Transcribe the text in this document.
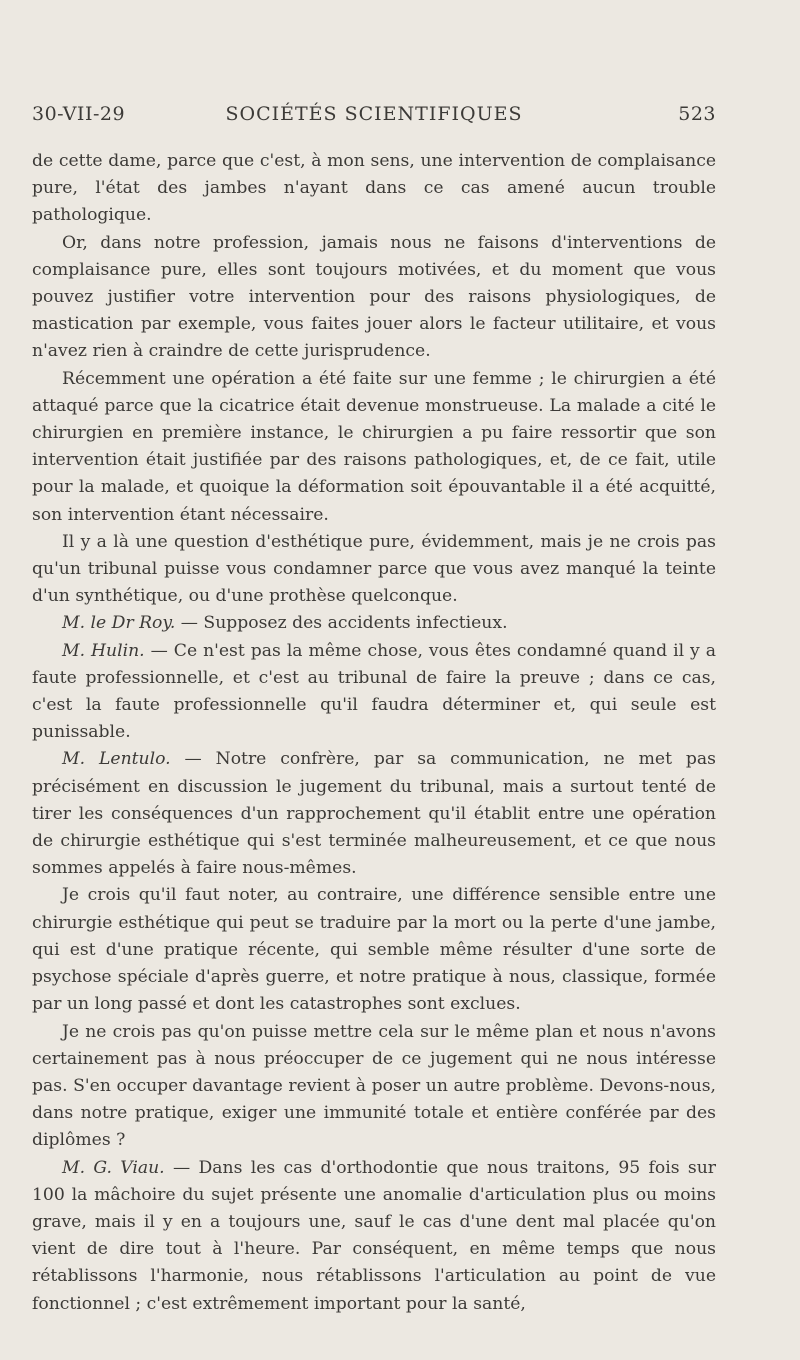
30-VII-29	SOCIÉTÉS SCIENTIFIQUES	523

de cette dame, parce que c'est, à mon sens, une intervention de complaisance pure, l'état des jambes n'ayant dans ce cas amené aucun trouble pathologique.

Or, dans notre profession, jamais nous ne faisons d'interventions de complaisance pure, elles sont toujours motivées, et du moment que vous pouvez justifier votre intervention pour des raisons physiologiques, de mastication par exemple, vous faites jouer alors le facteur utilitaire, et vous n'avez rien à craindre de cette jurisprudence.

Récemment une opération a été faite sur une femme ; le chirurgien a été attaqué parce que la cicatrice était devenue monstrueuse. La malade a cité le chirurgien en première instance, le chirurgien a pu faire ressortir que son intervention était justifiée par des raisons pathologiques, et, de ce fait, utile pour la malade, et quoique la déformation soit épouvantable il a été acquitté, son intervention étant nécessaire.

Il y a là une question d'esthétique pure, évidemment, mais je ne crois pas qu'un tribunal puisse vous condamner parce que vous avez manqué la teinte d'un synthétique, ou d'une prothèse quelconque.

M. le Dr Roy. — Supposez des accidents infectieux.

M. Hulin. — Ce n'est pas la même chose, vous êtes condamné quand il y a faute professionnelle, et c'est au tribunal de faire la preuve ; dans ce cas, c'est la faute professionnelle qu'il faudra déterminer et, qui seule est punissable.

M. Lentulo. — Notre confrère, par sa communication, ne met pas précisément en discussion le jugement du tribunal, mais a surtout tenté de tirer les conséquences d'un rapprochement qu'il établit entre une opération de chirurgie esthétique qui s'est terminée malheureusement, et ce que nous sommes appelés à faire nous-mêmes.

Je crois qu'il faut noter, au contraire, une différence sensible entre une chirurgie esthétique qui peut se traduire par la mort ou la perte d'une jambe, qui est d'une pratique récente, qui semble même résulter d'une sorte de psychose spéciale d'après guerre, et notre pratique à nous, classique, formée par un long passé et dont les catastrophes sont exclues.

Je ne crois pas qu'on puisse mettre cela sur le même plan et nous n'avons certainement pas à nous préoccuper de ce jugement qui ne nous intéresse pas. S'en occuper davantage revient à poser un autre problème. Devons-nous, dans notre pratique, exiger une immunité totale et entière conférée par des diplômes ?

M. G. Viau. — Dans les cas d'orthodontie que nous traitons, 95 fois sur 100 la mâchoire du sujet présente une anomalie d'articulation plus ou moins grave, mais il y en a toujours une, sauf le cas d'une dent mal placée qu'on vient de dire tout à l'heure. Par conséquent, en même temps que nous rétablissons l'harmonie, nous rétablissons l'articulation au point de vue fonctionnel ; c'est extrêmement important pour la santé,
